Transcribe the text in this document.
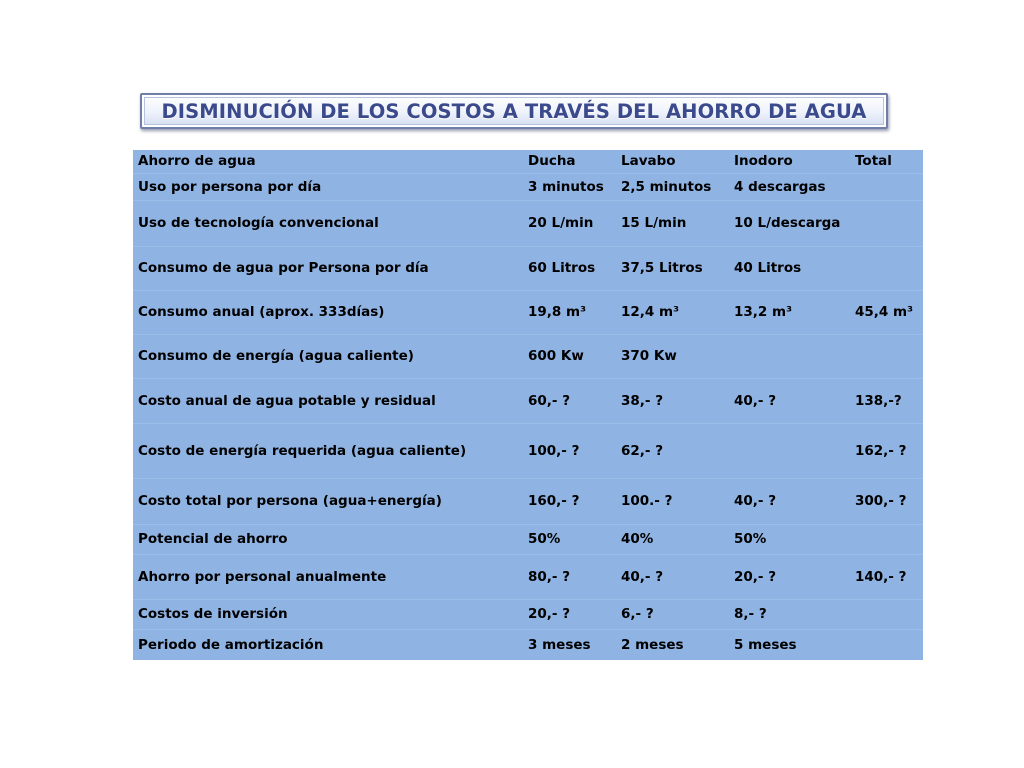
DISMINUCIÓN DE LOS COSTOS A TRAVÉS DEL AHORRO DE AGUA
Ahorro de agua	Ducha	Lavabo	Inodoro	Total
Uso por persona por día	3 minutos	2,5 minutos	4 descargas	
Uso de tecnología convencional	20 L/min	15 L/min	10 L/descarga	
Consumo de agua por Persona por día	60 Litros	37,5 Litros	40 Litros	
Consumo anual (aprox. 333días)	19,8 m³	12,4 m³	13,2 m³	45,4 m³
Consumo de energía (agua caliente)	600 Kw	370 Kw		
Costo anual de agua potable y residual	60,- ?	38,- ?	40,- ?	138,-?
Costo de energía requerida (agua caliente)	100,- ?	62,- ?		162,- ?
Costo total por persona (agua+energía)	160,- ?	100.- ?	40,- ?	300,- ?
Potencial de ahorro	50%	40%	50%	
Ahorro por personal anualmente	80,- ?	40,- ?	20,- ?	140,- ?
Costos de inversión	20,- ?	6,- ?	8,- ?	
Periodo de amortización	3 meses	2 meses	5 meses	
